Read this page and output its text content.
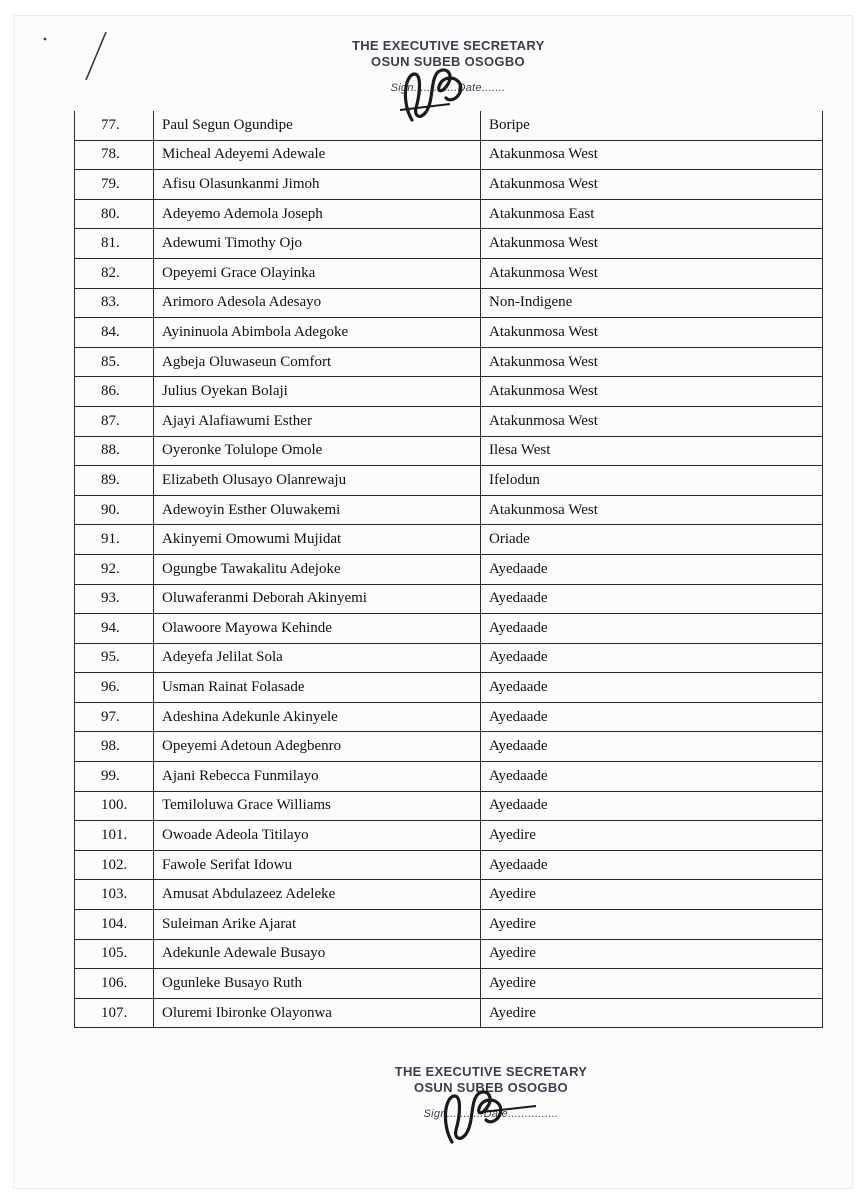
THE EXECUTIVE SECRETARY
OSUN SUBEB OSOGBO
Sign.............Date.......
77.	Paul Segun Ogundipe	Boripe
78.	Micheal Adeyemi Adewale	Atakunmosa West
79.	Afisu Olasunkanmi Jimoh	Atakunmosa West
80.	Adeyemo Ademola Joseph	Atakunmosa East
81.	Adewumi Timothy Ojo	Atakunmosa West
82.	Opeyemi Grace Olayinka	Atakunmosa West
83.	Arimoro Adesola Adesayo	Non-Indigene
84.	Ayininuola Abimbola Adegoke	Atakunmosa West
85.	Agbeja Oluwaseun Comfort	Atakunmosa West
86.	Julius Oyekan Bolaji	Atakunmosa West
87.	Ajayi Alafiawumi Esther	Atakunmosa West
88.	Oyeronke Tolulope Omole	Ilesa West
89.	Elizabeth Olusayo Olanrewaju	Ifelodun
90.	Adewoyin Esther Oluwakemi	Atakunmosa West
91.	Akinyemi Omowumi Mujidat	Oriade
92.	Ogungbe Tawakalitu Adejoke	Ayedaade
93.	Oluwaferanmi Deborah Akinyemi	Ayedaade
94.	Olawoore Mayowa Kehinde	Ayedaade
95.	Adeyefa Jelilat Sola	Ayedaade
96.	Usman Rainat Folasade	Ayedaade
97.	Adeshina Adekunle Akinyele	Ayedaade
98.	Opeyemi Adetoun Adegbenro	Ayedaade
99.	Ajani Rebecca Funmilayo	Ayedaade
100.	Temiloluwa Grace Williams	Ayedaade
101.	Owoade Adeola Titilayo	Ayedire
102.	Fawole Serifat Idowu	Ayedaade
103.	Amusat Abdulazeez Adeleke	Ayedire
104.	Suleiman Arike Ajarat	Ayedire
105.	Adekunle Adewale Busayo	Ayedire
106.	Ogunleke Busayo Ruth	Ayedire
107.	Oluremi Ibironke Olayonwa	Ayedire
THE EXECUTIVE SECRETARY
OSUN SUBEB OSOGBO
Sign...........Date...............
